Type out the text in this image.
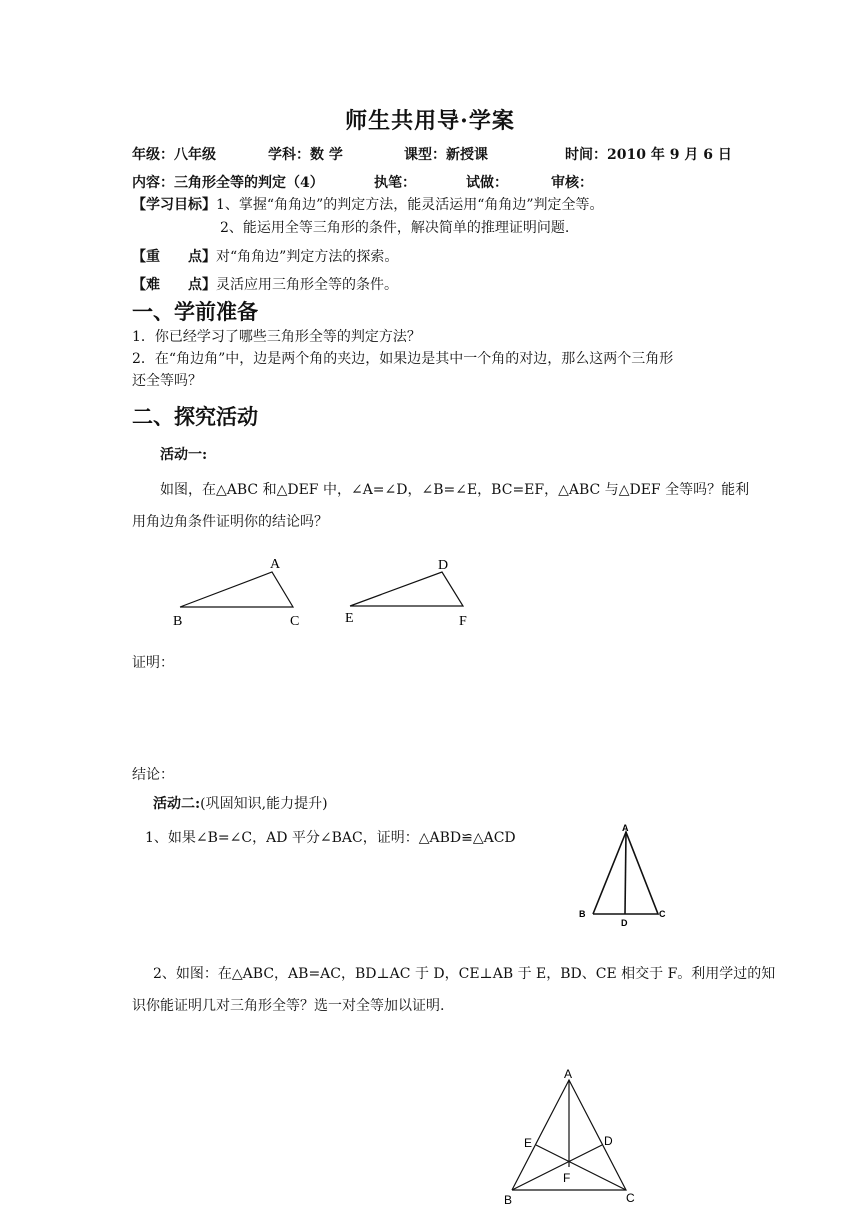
师生共用导·学案
年级：八年级	学科：数 学	课型：新授课	时间：2010 年 9 月 6 日
内容：三角形全等的判定（4）	执笔：	试做：	审核：
【学习目标】1、掌握“角角边”的判定方法，能灵活运用“角角边”判定全等。
2、能运用全等三角形的条件，解决简单的推理证明问题.
【重　　点】对“角角边”判定方法的探索。
【难　　点】灵活应用三角形全等的条件。
一、学前准备
1．你已经学习了哪些三角形全等的判定方法？
2．在“角边角”中，边是两个角的夹边，如果边是其中一个角的对边，那么这两个三角形
还全等吗？
二、探究活动
活动一:
如图，在△ABC 和△DEF 中，∠A=∠D，∠B=∠E，BC=EF，△ABC 与△DEF 全等吗？能利
用角边角条件证明你的结论吗？
A
B	C
D
E	F
证明：
结论：
活动二:(巩固知识,能力提升)
1、如果∠B=∠C，AD 平分∠BAC，证明：△ABD≌△ACD
A
B	C
D
2、如图：在△ABC，AB=AC，BD⊥AC 于 D，CE⊥AB 于 E，BD、CE 相交于 F。利用学过的知
识你能证明几对三角形全等？选一对全等加以证明.
A
B	C
D
E
F
